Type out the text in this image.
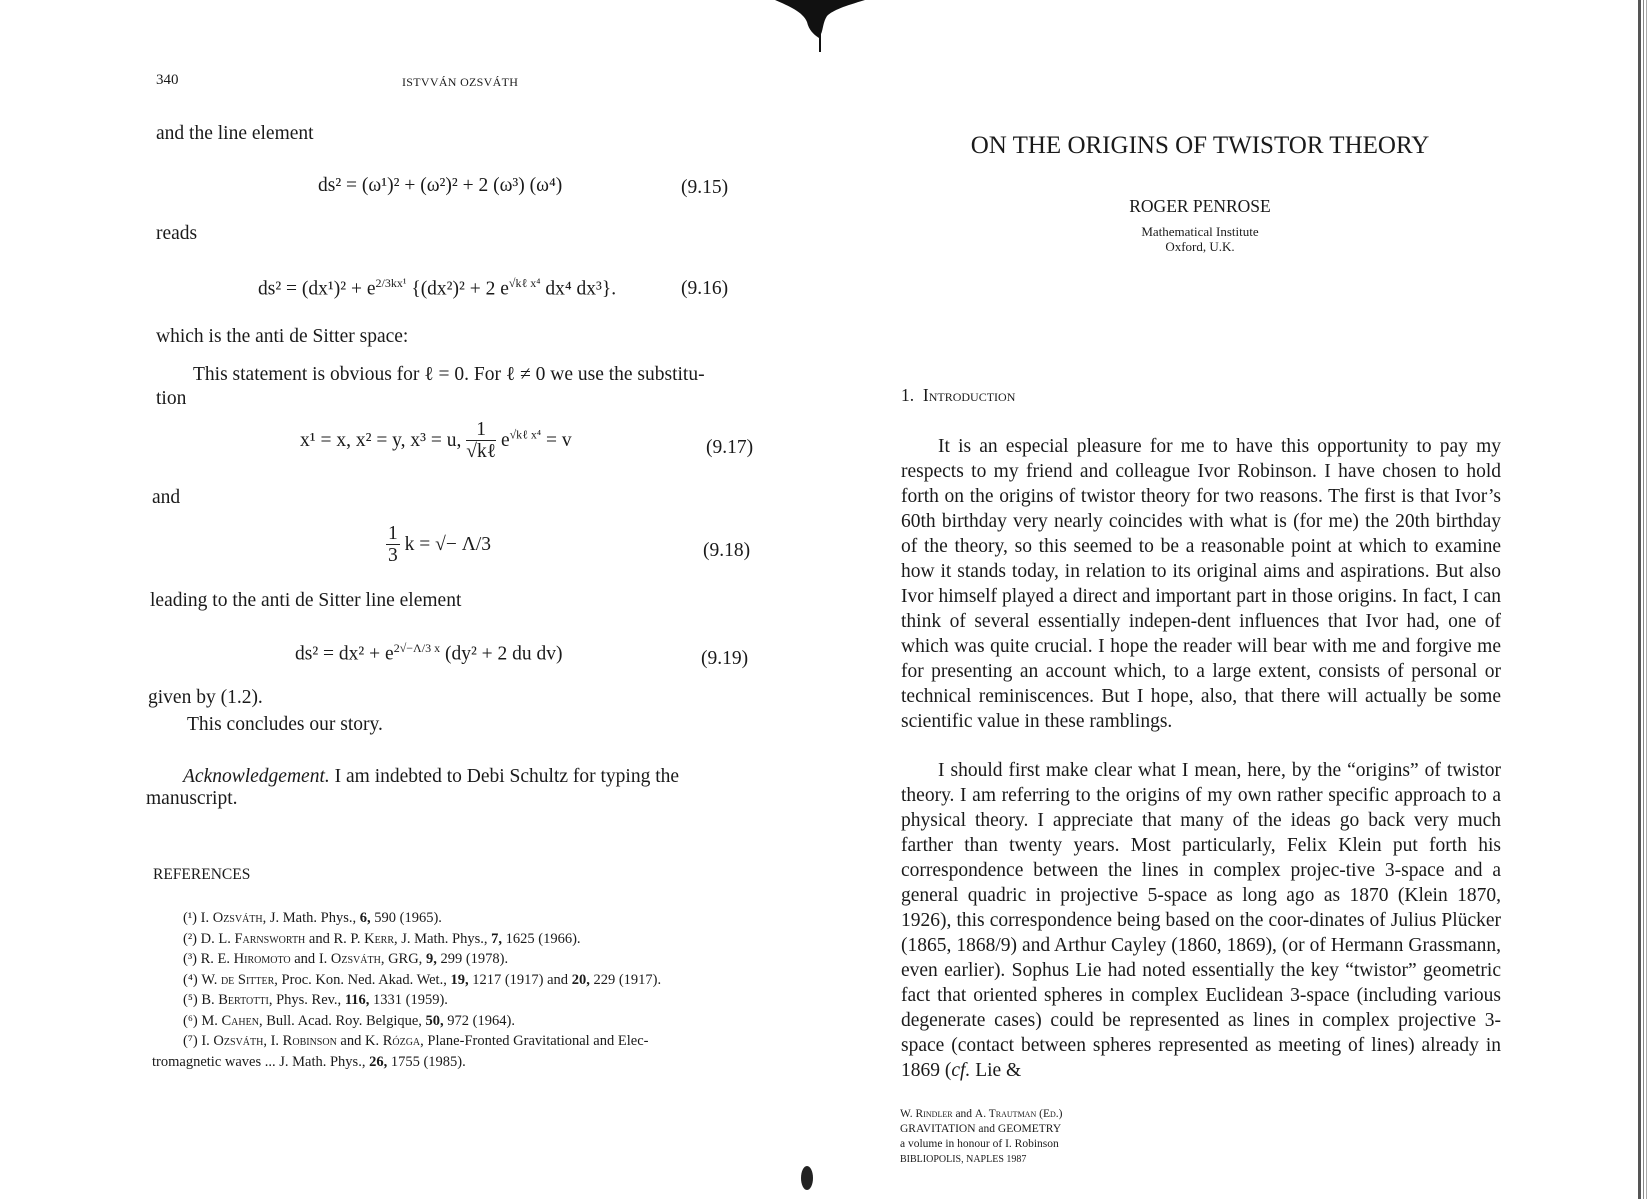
340	ISTVVÁN OZSVÁTH
and the line element
ds² = (ω¹)² + (ω²)² + 2 (ω³) (ω⁴)	(9.15)
reads
$ds^2 = (dx^1)^2 + e^{2/3kx^1}$ {(dx²)² + 2 $e^{√k\ell x^4}$ dx⁴ dx³}.	(9.16)
which is the anti de Sitter space:
This statement is obvious for ℓ = 0. For ℓ ≠ 0 we use the substitu-
tion
x¹ = x, x² = y, x³ = u, $\frac{1}{\text{√kℓ}} e^{√k\ell x^4} = v$	(9.17)
and
$\frac{1}{3}$ k = √− Λ/3	(9.18)
leading to the anti de Sitter line element
$ds^2 = dx^2 + e^{2√-\Lambda/3 x}$ (dy² + 2 du dv)	(9.19)
given by (1.2).
This concludes our story.
Acknowledgement. I am indebted to Debi Schultz for typing the
manuscript.
REFERENCES
(¹) I. Ozsváth, J. Math. Phys., 6, 590 (1965).
(²) D. L. Farnsworth and R. P. Kerr, J. Math. Phys., 7, 1625 (1966).
(³) R. E. Hiromoto and I. Ozsváth, GRG, 9, 299 (1978).
(⁴) W. de Sitter, Proc. Kon. Ned. Akad. Wet., 19, 1217 (1917) and 20, 229 (1917).
(⁵) B. Bertotti, Phys. Rev., 116, 1331 (1959).
(⁶) M. Cahen, Bull. Acad. Roy. Belgique, 50, 972 (1964).
(⁷) I. Ozsváth, I. Robinson and K. Rózga, Plane-Fronted Gravitational and Elec-
tromagnetic waves ... J. Math. Phys., 26, 1755 (1985).
ON THE ORIGINS OF TWISTOR THEORY
ROGER PENROSE
Mathematical Institute
Oxford, U.K.
1. Introduction
It is an especial pleasure for me to have this opportunity to pay my respects to my friend and colleague Ivor Robinson. I have chosen to hold forth on the origins of twistor theory for two reasons. The first is that Ivor’s 60th birthday very nearly coincides with what is (for me) the 20th birthday of the theory, so this seemed to be a reasonable point at which to examine how it stands today, in relation to its original aims and aspirations. But also Ivor himself played a direct and important part in those origins. In fact, I can think of several essentially indepen-dent influences that Ivor had, one of which was quite crucial. I hope the reader will bear with me and forgive me for presenting an account which, to a large extent, consists of personal or technical reminiscences. But I hope, also, that there will actually be some scientific value in these ramblings.
I should first make clear what I mean, here, by the “origins” of twistor theory. I am referring to the origins of my own rather specific approach to a physical theory. I appreciate that many of the ideas go back very much farther than twenty years. Most particularly, Felix Klein put forth his correspondence between the lines in complex projec-tive 3-space and a general quadric in projective 5-space as long ago as 1870 (Klein 1870, 1926), this correspondence being based on the coor-dinates of Julius Plücker (1865, 1868/9) and Arthur Cayley (1860, 1869), (or of Hermann Grassmann, even earlier). Sophus Lie had noted essentially the key “twistor” geometric fact that oriented spheres in complex Euclidean 3-space (including various degenerate cases) could be represented as lines in complex projective 3-space (contact between spheres represented as meeting of lines) already in 1869 (cf. Lie &
W. Rindler and A. Trautman (Ed.)
GRAVITATION and GEOMETRY
a volume in honour of I. Robinson
BIBLIOPOLIS, NAPLES 1987
